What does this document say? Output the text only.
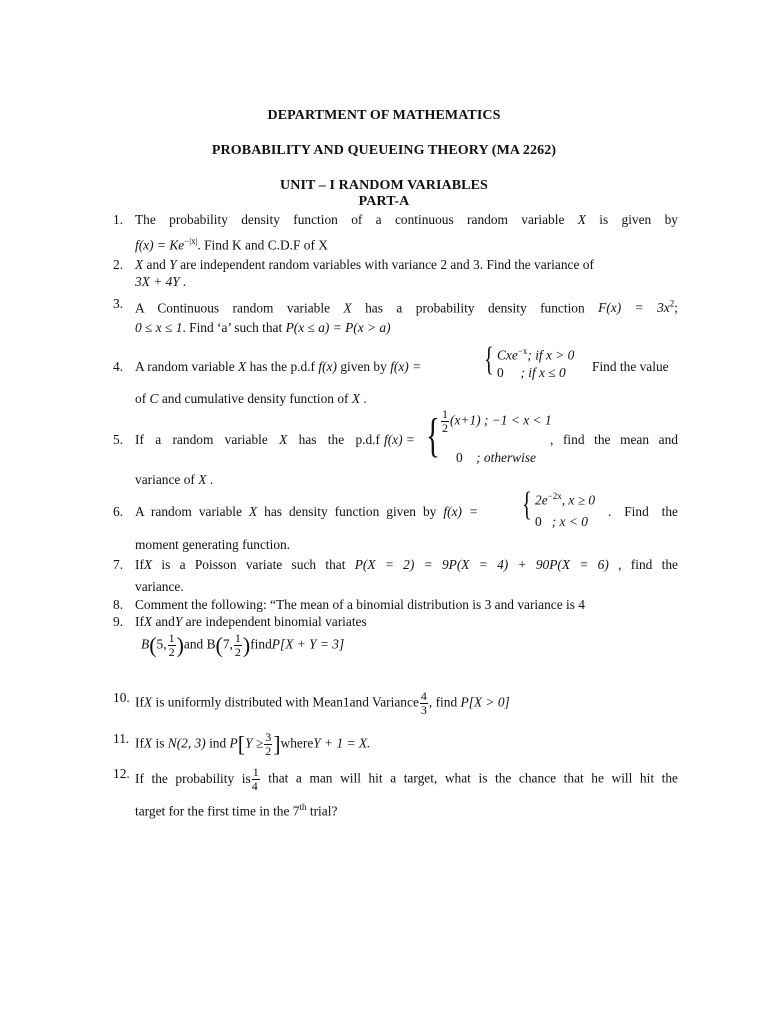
DEPARTMENT OF MATHEMATICS
PROBABILITY AND QUEUEING THEORY (MA 2262)
UNIT – I RANDOM VARIABLES
PART-A
1. The probability density function of a continuous random variable X is given by
$f(x) = Ke^{-|x|}$. Find K and C.D.F of X
2. X and Y are independent random variables with variance 2 and 3. Find the variance of
3X + 4Y .
3. A Continuous random variable X has a probability density function $F(x) = 3x^2$;
0 ≤ x ≤ 1. Find ‘a’ such that P(x ≤ a) = P(x > a)
4. A random variable X has the p.d.f f(x) given by f(x) = { Cxe$^{-x}$; if x > 0
0 ; if x ≤ 0 Find the value
of C and cumulative density function of X .
5. If a random variable X has the p.d.f f(x) = { $\frac{1}{2} (x+1)$ ; −1 < x < 1
0 ; otherwise
, find the mean and
variance of X .
6. A random variable X has density function given by f(x) = { $2e^{-2x}$, x ≥ 0
0 ; x < 0
. Find the
moment generating function.
7. IfX is a Poisson variate such that P(X = 2) = 9P(X = 4) + 90P(X = 6) , find the
variance.
8. Comment the following: “The mean of a binomial distribution is 3 and variance is 4
9. IfX andY are independent binomial variates
B(5, $\frac{1}{2} )and$ B(7, $\frac{1}{2}$ )findP[X + Y = 3]
10. IfX is uniformly distributed with Mean1and Variance $\frac{4}{3}$ , find P[X > 0]
11. IfX is N(2, 3) ind $P[Y \ge \frac{3}{2}$ ]whereY + 1 = X.
12. If the probability is $\frac{1}{4}$ that a man will hit a target, what is the chance that he will hit the
target for the first time in the 7th trial?
